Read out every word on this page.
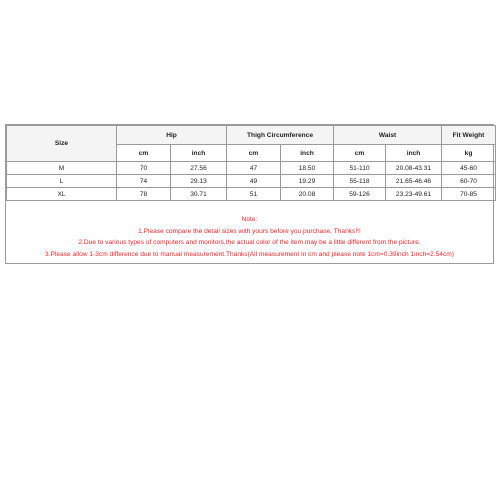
Size	Hip		Thigh Circumference		Waist		Fit Weight
	cm	inch	cm	inch	cm	inch	kg
M	70	27.56	47	18.50	51-110	20.08-43.31	45-60
L	74	29.13	49	19.29	55-118	21.65-46.46	60-70
XL	78	30.71	51	20.08	59-126	23.23-49.61	70-85
Note:
1.Please compare the detail sizes with yours before you purchase, Thanks!!!
2.Due to various types of computers and monitors,the actual color of the item may be a little different from the picture.
3.Please allow 1-3cm difference due to manual measurement.Thanks(All measurement in cm and please note 1cm=0.39inch 1inch=2.54cm)
